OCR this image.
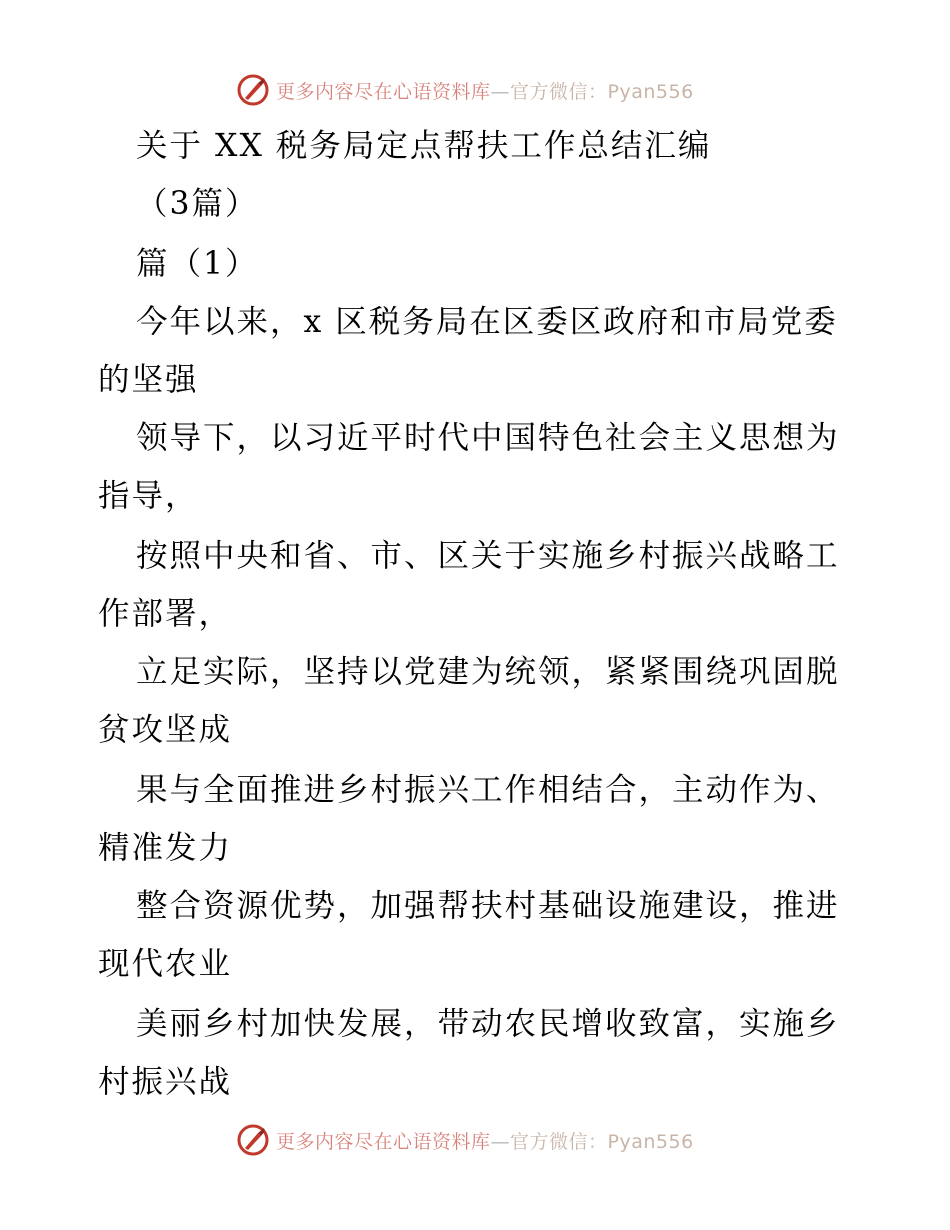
更多内容尽在心语资料库—官方微信：Pyan556
关于 XX 税务局定点帮扶工作总结汇编
（3篇）
篇（1）
今年以来，x 区税务局在区委区政府和市局党委
的坚强
领导下，以习近平时代中国特色社会主义思想为
指导，
按照中央和省、市、区关于实施乡村振兴战略工
作部署，
立足实际，坚持以党建为统领，紧紧围绕巩固脱
贫攻坚成
果与全面推进乡村振兴工作相结合，主动作为、
精准发力
整合资源优势，加强帮扶村基础设施建设，推进
现代农业
美丽乡村加快发展，带动农民增收致富，实施乡
村振兴战
更多内容尽在心语资料库—官方微信：Pyan556
